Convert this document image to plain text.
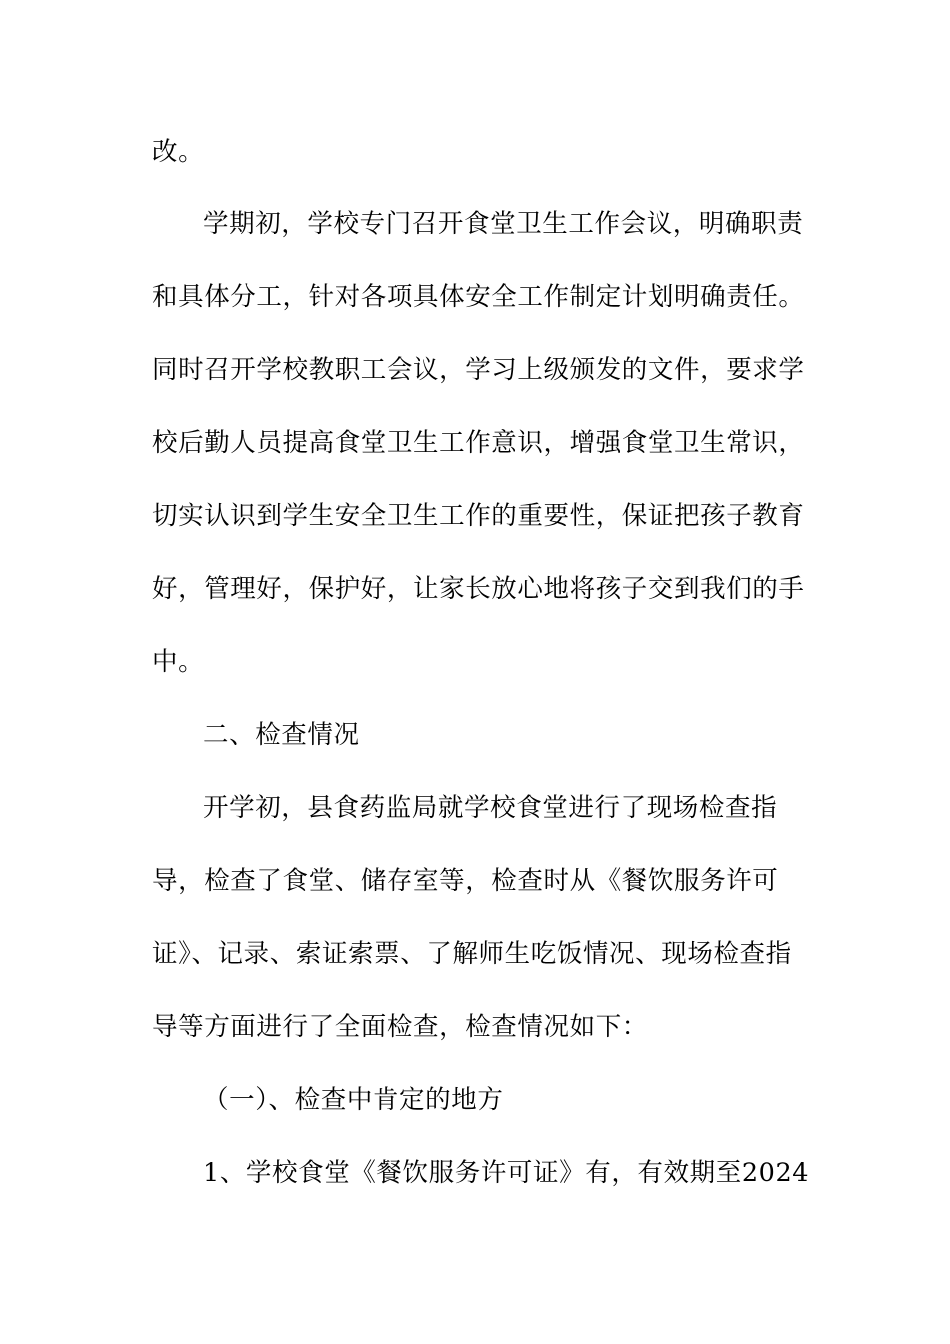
改。
学期初，学校专门召开食堂卫生工作会议，明确职责
和具体分工，针对各项具体安全工作制定计划明确责任。
同时召开学校教职工会议，学习上级颁发的文件，要求学
校后勤人员提高食堂卫生工作意识，增强食堂卫生常识，
切实认识到学生安全卫生工作的重要性，保证把孩子教育
好，管理好，保护好，让家长放心地将孩子交到我们的手
中。
二、检查情况
开学初，县食药监局就学校食堂进行了现场检查指
导，检查了食堂、储存室等，检查时从《餐饮服务许可
证》、记录、索证索票、了解师生吃饭情况、现场检查指
导等方面进行了全面检查，检查情况如下：
（一）、检查中肯定的地方
1、学校食堂《餐饮服务许可证》有，有效期至2024
